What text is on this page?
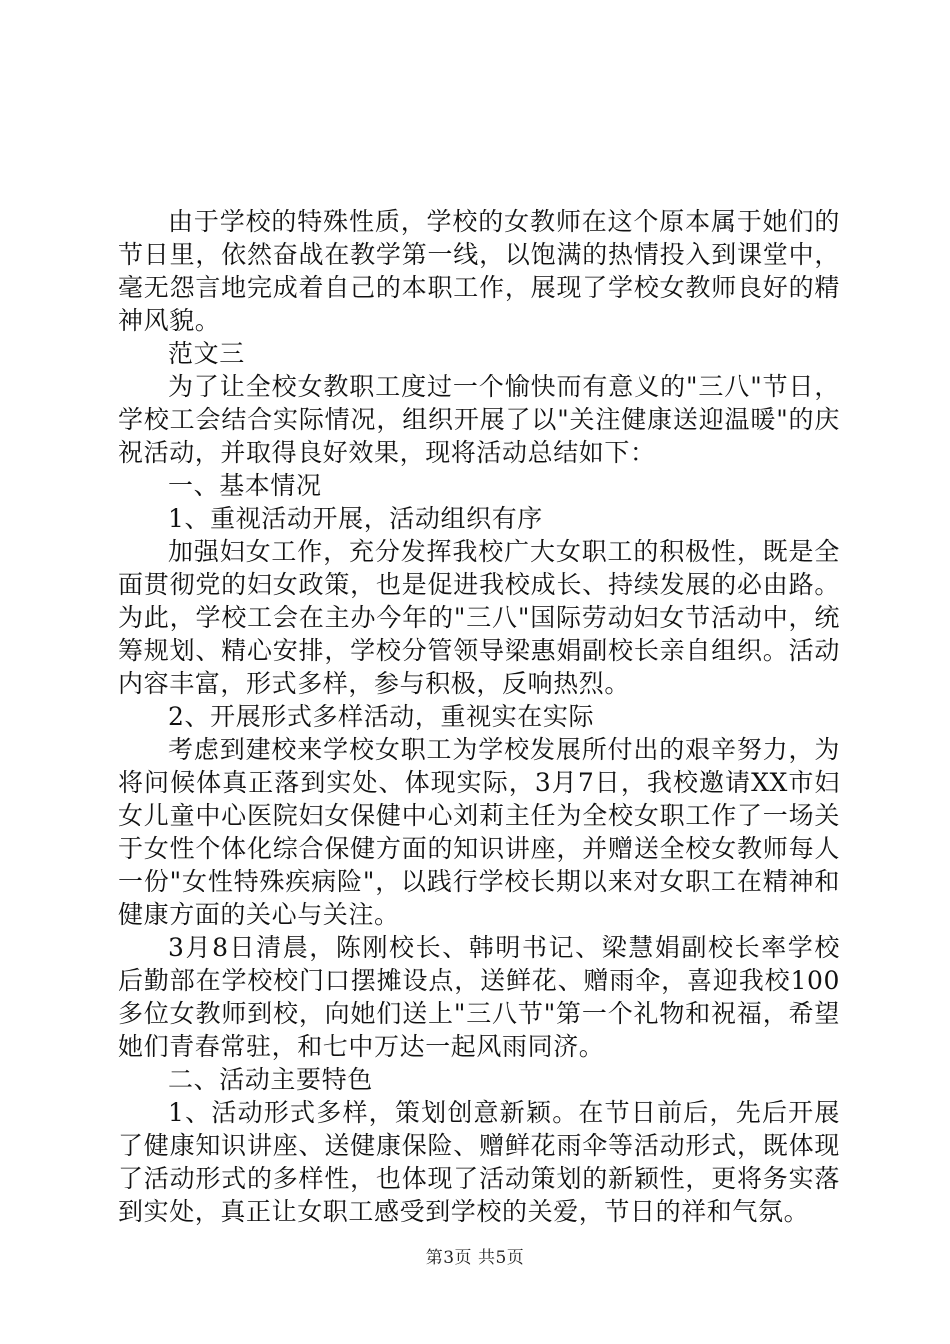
由于学校的特殊性质，学校的女教师在这个原本属于她们的节日里，依然奋战在教学第一线，以饱满的热情投入到课堂中，毫无怨言地完成着自己的本职工作，展现了学校女教师良好的精神风貌。

范文三

为了让全校女教职工度过一个愉快而有意义的"三八"节日，学校工会结合实际情况，组织开展了以"关注健康送迎温暖"的庆祝活动，并取得良好效果，现将活动总结如下：

一、基本情况

1、重视活动开展，活动组织有序

加强妇女工作，充分发挥我校广大女职工的积极性，既是全面贯彻党的妇女政策，也是促进我校成长、持续发展的必由路。为此，学校工会在主办今年的"三八"国际劳动妇女节活动中，统筹规划、精心安排，学校分管领导梁惠娟副校长亲自组织。活动内容丰富，形式多样，参与积极，反响热烈。

2、开展形式多样活动，重视实在实际

考虑到建校来学校女职工为学校发展所付出的艰辛努力，为将问候体真正落到实处、体现实际，3月7日，我校邀请XX市妇女儿童中心医院妇女保健中心刘莉主任为全校女职工作了一场关于女性个体化综合保健方面的知识讲座，并赠送全校女教师每人一份"女性特殊疾病险"，以践行学校长期以来对女职工在精神和健康方面的关心与关注。

3月8日清晨，陈刚校长、韩明书记、梁慧娟副校长率学校后勤部在学校校门口摆摊设点，送鲜花、赠雨伞，喜迎我校100多位女教师到校，向她们送上"三八节"第一个礼物和祝福，希望她们青春常驻，和七中万达一起风雨同济。

二、活动主要特色

1、活动形式多样，策划创意新颖。在节日前后，先后开展了健康知识讲座、送健康保险、赠鲜花雨伞等活动形式，既体现了活动形式的多样性，也体现了活动策划的新颖性，更将务实落到实处，真正让女职工感受到学校的关爱，节日的祥和气氛。

第3页 共5页
